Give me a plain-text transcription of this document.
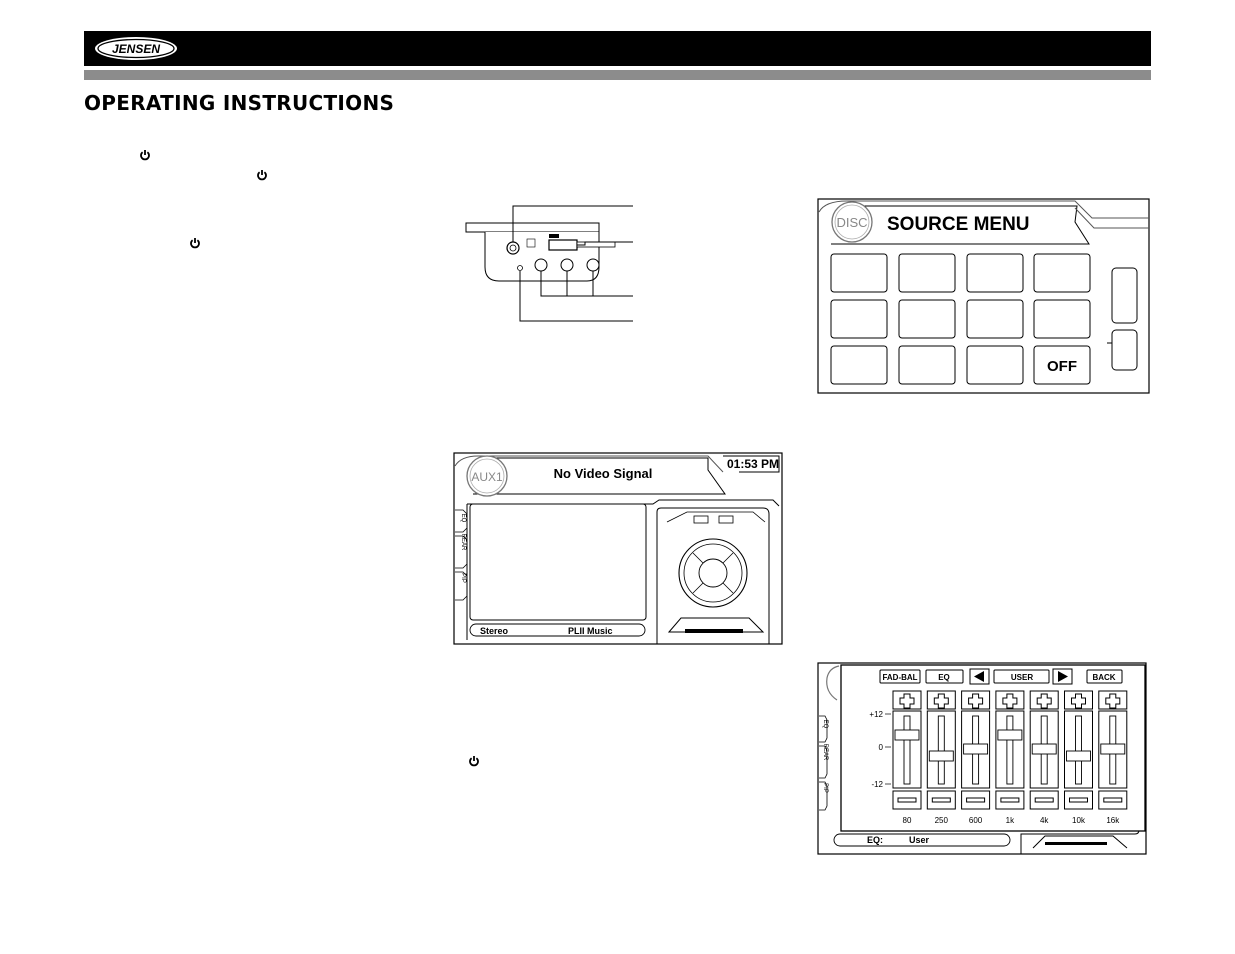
JENSEN
OPERATING INSTRUCTIONS
DISC SOURCE MENU
OFF
AUX1	No Video Signal
01:53 PM
EQ
REAR
PIP
Stereo	PLII Music
EQ
REAR
PIP
EQ:	User
FAD-BAL	EQ	USER	BACK
+12
0
-12
80	250	600	1k	4k	10k	16k
